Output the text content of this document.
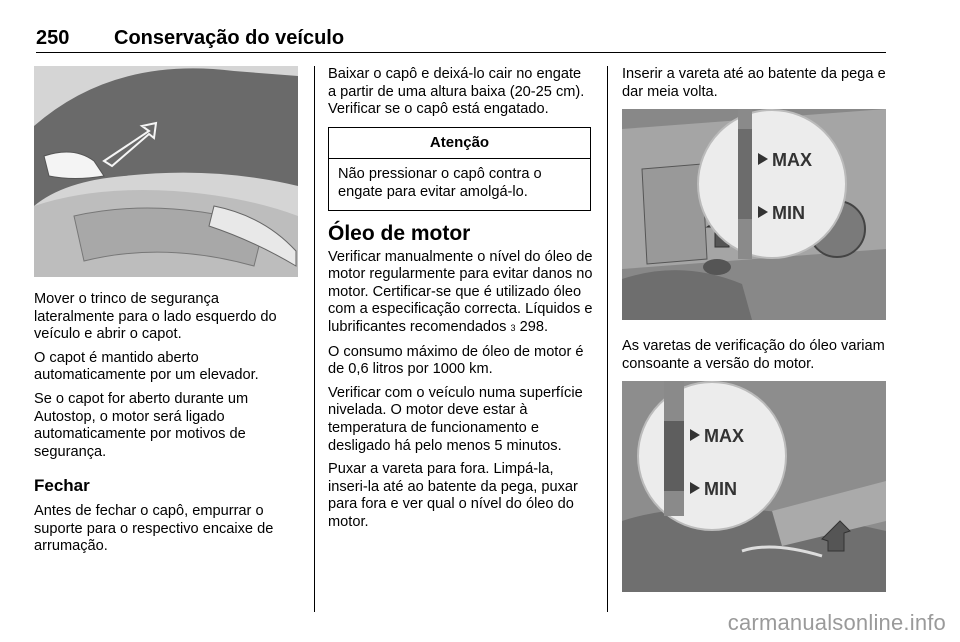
250 Conservação do veículo

Mover o trinco de segurança lateralmente para o lado esquerdo do veículo e abrir o capot.

O capot é mantido aberto automaticamente por um elevador.

Se o capot for aberto durante um Autostop, o motor será ligado automaticamente por motivos de segurança.

Fechar

Antes de fechar o capô, empurrar o suporte para o respectivo encaixe de arrumação.

Baixar o capô e deixá-lo cair no engate a partir de uma altura baixa (20-25 cm). Verificar se o capô está engatado.

Atenção
Não pressionar o capô contra o engate para evitar amolgá-lo.
Óleo de motor

Verificar manualmente o nível do óleo de motor regularmente para evitar danos no motor. Certificar-se que é utilizado óleo com a especificação correcta. Líquidos e lubrificantes recomendados 3 298.

O consumo máximo de óleo de motor é de 0,6 litros por 1000 km.

Verificar com o veículo numa superfície nivelada. O motor deve estar à temperatura de funcionamento e desligado há pelo menos 5 minutos.

Puxar a vareta para fora. Limpá-la, inseri-la até ao batente da pega, puxar para fora e ver qual o nível do óleo do motor.

Inserir a vareta até ao batente da pega e dar meia volta.

MAX
MIN

As varetas de verificação do óleo variam consoante a versão do motor.

MAX
MIN
carmanualsonline.info
